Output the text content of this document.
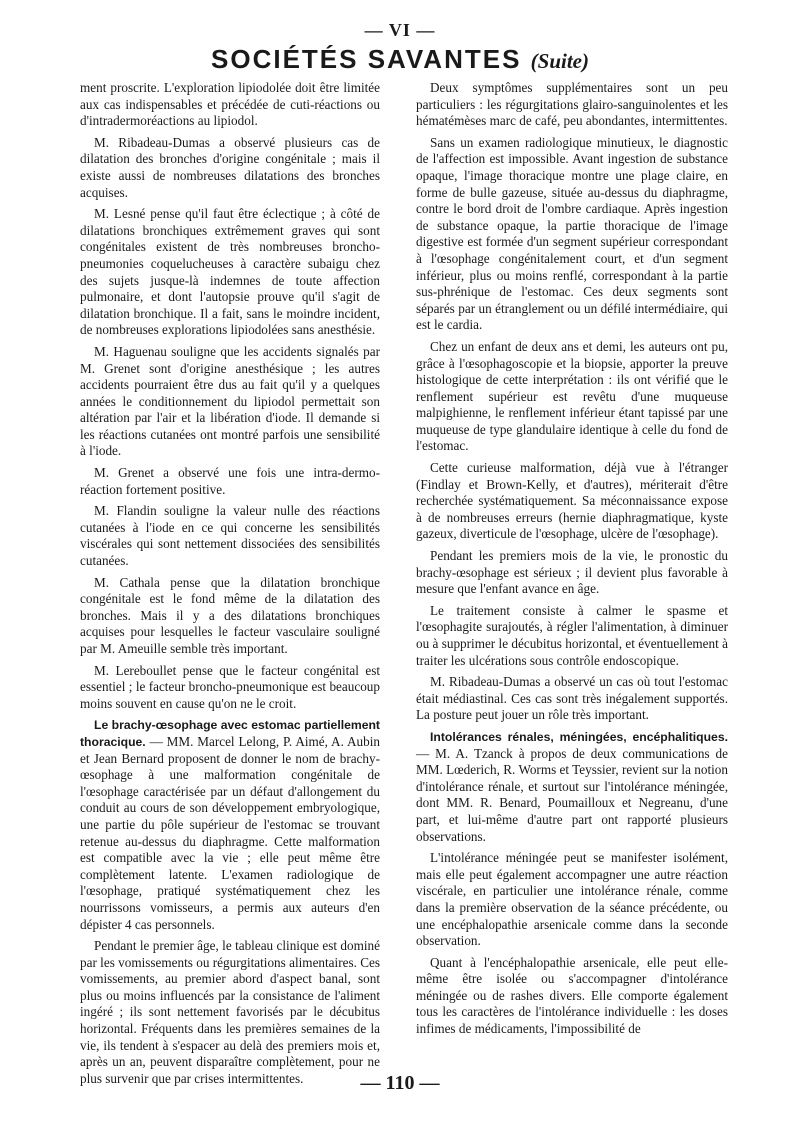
— VI —
SOCIÉTÉS SAVANTES (Suite)

ment proscrite. L'exploration lipiodolée doit être limitée aux cas indispensables et précédée de cuti-réactions ou d'intradermoréactions au lipiodol.

M. Ribadeau-Dumas a observé plusieurs cas de dilatation des bronches d'origine congénitale ; mais il existe aussi de nombreuses dilatations des bronches acquises.

M. Lesné pense qu'il faut être éclectique ; à côté de dilatations bronchiques extrêmement graves qui sont congénitales existent de très nombreuses broncho-pneumonies coquelucheuses à caractère subaigu chez des sujets jusque-là indemnes de toute affection pulmonaire, et dont l'autopsie prouve qu'il s'agit de dilatation bronchique. Il a fait, sans le moindre incident, de nombreuses explorations lipiodolées sans anesthésie.

M. Haguenau souligne que les accidents signalés par M. Grenet sont d'origine anesthésique ; les autres accidents pourraient être dus au fait qu'il y a quelques années le conditionnement du lipiodol permettait son altération par l'air et la libération d'iode. Il demande si les réactions cutanées ont montré parfois une sensibilité à l'iode.

M. Grenet a observé une fois une intra-dermo-réaction fortement positive.

M. Flandin souligne la valeur nulle des réactions cutanées à l'iode en ce qui concerne les sensibilités viscérales qui sont nettement dissociées des sensibilités cutanées.

M. Cathala pense que la dilatation bronchique congénitale est le fond même de la dilatation des bronches. Mais il y a des dilatations bronchiques acquises pour lesquelles le facteur vasculaire souligné par M. Ameuille semble très important.

M. Lereboullet pense que le facteur congénital est essentiel ; le facteur broncho-pneumonique est beaucoup moins souvent en cause qu'on ne le croit.

Le brachy-œsophage avec estomac partiellement thoracique. — MM. Marcel Lelong, P. Aimé, A. Aubin et Jean Bernard proposent de donner le nom de brachy-œsophage à une malformation congénitale de l'œsophage caractérisée par un défaut d'allongement du conduit au cours de son développement embryologique, une partie du pôle supérieur de l'estomac se trouvant retenue au-dessus du diaphragme. Cette malformation est compatible avec la vie ; elle peut même être complètement latente. L'examen radiologique de l'œsophage, pratiqué systématiquement chez les nourrissons vomisseurs, a permis aux auteurs d'en dépister 4 cas personnels.

Pendant le premier âge, le tableau clinique est dominé par les vomissements ou régurgitations alimentaires. Ces vomissements, au premier abord d'aspect banal, sont plus ou moins influencés par la consistance de l'aliment ingéré ; ils sont nettement favorisés par le décubitus horizontal. Fréquents dans les premières semaines de la vie, ils tendent à s'espacer au delà des premiers mois et, après un an, peuvent disparaître complètement, pour ne plus survenir que par crises intermittentes.

Deux symptômes supplémentaires sont un peu particuliers : les régurgitations glairo-sanguinolentes et les hématémèses marc de café, peu abondantes, intermittentes.

Sans un examen radiologique minutieux, le diagnostic de l'affection est impossible. Avant ingestion de substance opaque, l'image thoracique montre une plage claire, en forme de bulle gazeuse, située au-dessus du diaphragme, contre le bord droit de l'ombre cardiaque. Après ingestion de substance opaque, la partie thoracique de l'image digestive est formée d'un segment supérieur correspondant à l'œsophage congénitalement court, et d'un segment inférieur, plus ou moins renflé, correspondant à la partie sus-phrénique de l'estomac. Ces deux segments sont séparés par un étranglement ou un défilé intermédiaire, qui est le cardia.

Chez un enfant de deux ans et demi, les auteurs ont pu, grâce à l'œsophagoscopie et la biopsie, apporter la preuve histologique de cette interprétation : ils ont vérifié que le renflement supérieur est revêtu d'une muqueuse malpighienne, le renflement inférieur étant tapissé par une muqueuse de type glandulaire identique à celle du fond de l'estomac.

Cette curieuse malformation, déjà vue à l'étranger (Findlay et Brown-Kelly, et d'autres), mériterait d'être recherchée systématiquement. Sa méconnaissance expose à de nombreuses erreurs (hernie diaphragmatique, kyste gazeux, diverticule de l'œsophage, ulcère de l'œsophage).

Pendant les premiers mois de la vie, le pronostic du brachy-œsophage est sérieux ; il devient plus favorable à mesure que l'enfant avance en âge.

Le traitement consiste à calmer le spasme et l'œsophagite surajoutés, à régler l'alimentation, à diminuer ou à supprimer le décubitus horizontal, et éventuellement à traiter les ulcérations sous contrôle endoscopique.

M. Ribadeau-Dumas a observé un cas où tout l'estomac était médiastinal. Ces cas sont très inégalement supportés. La posture peut jouer un rôle très important.

Intolérances rénales, méningées, encéphalitiques. — M. A. Tzanck à propos de deux communications de MM. Lœderich, R. Worms et Teyssier, revient sur la notion d'intolérance rénale, et surtout sur l'intolérance méningée, dont MM. R. Benard, Poumailloux et Negreanu, d'une part, et lui-même d'autre part ont rapporté plusieurs observations.

L'intolérance méningée peut se manifester isolément, mais elle peut également accompagner une autre réaction viscérale, en particulier une intolérance rénale, comme dans la première observation de la séance précédente, ou une encéphalopathie arsenicale comme dans la seconde observation.

Quant à l'encéphalopathie arsenicale, elle peut elle-même être isolée ou s'accompagner d'intolérance méningée ou de rashes divers. Elle comporte également tous les caractères de l'intolérance individuelle : les doses infimes de médicaments, l'impossibilité de

— 110 —
